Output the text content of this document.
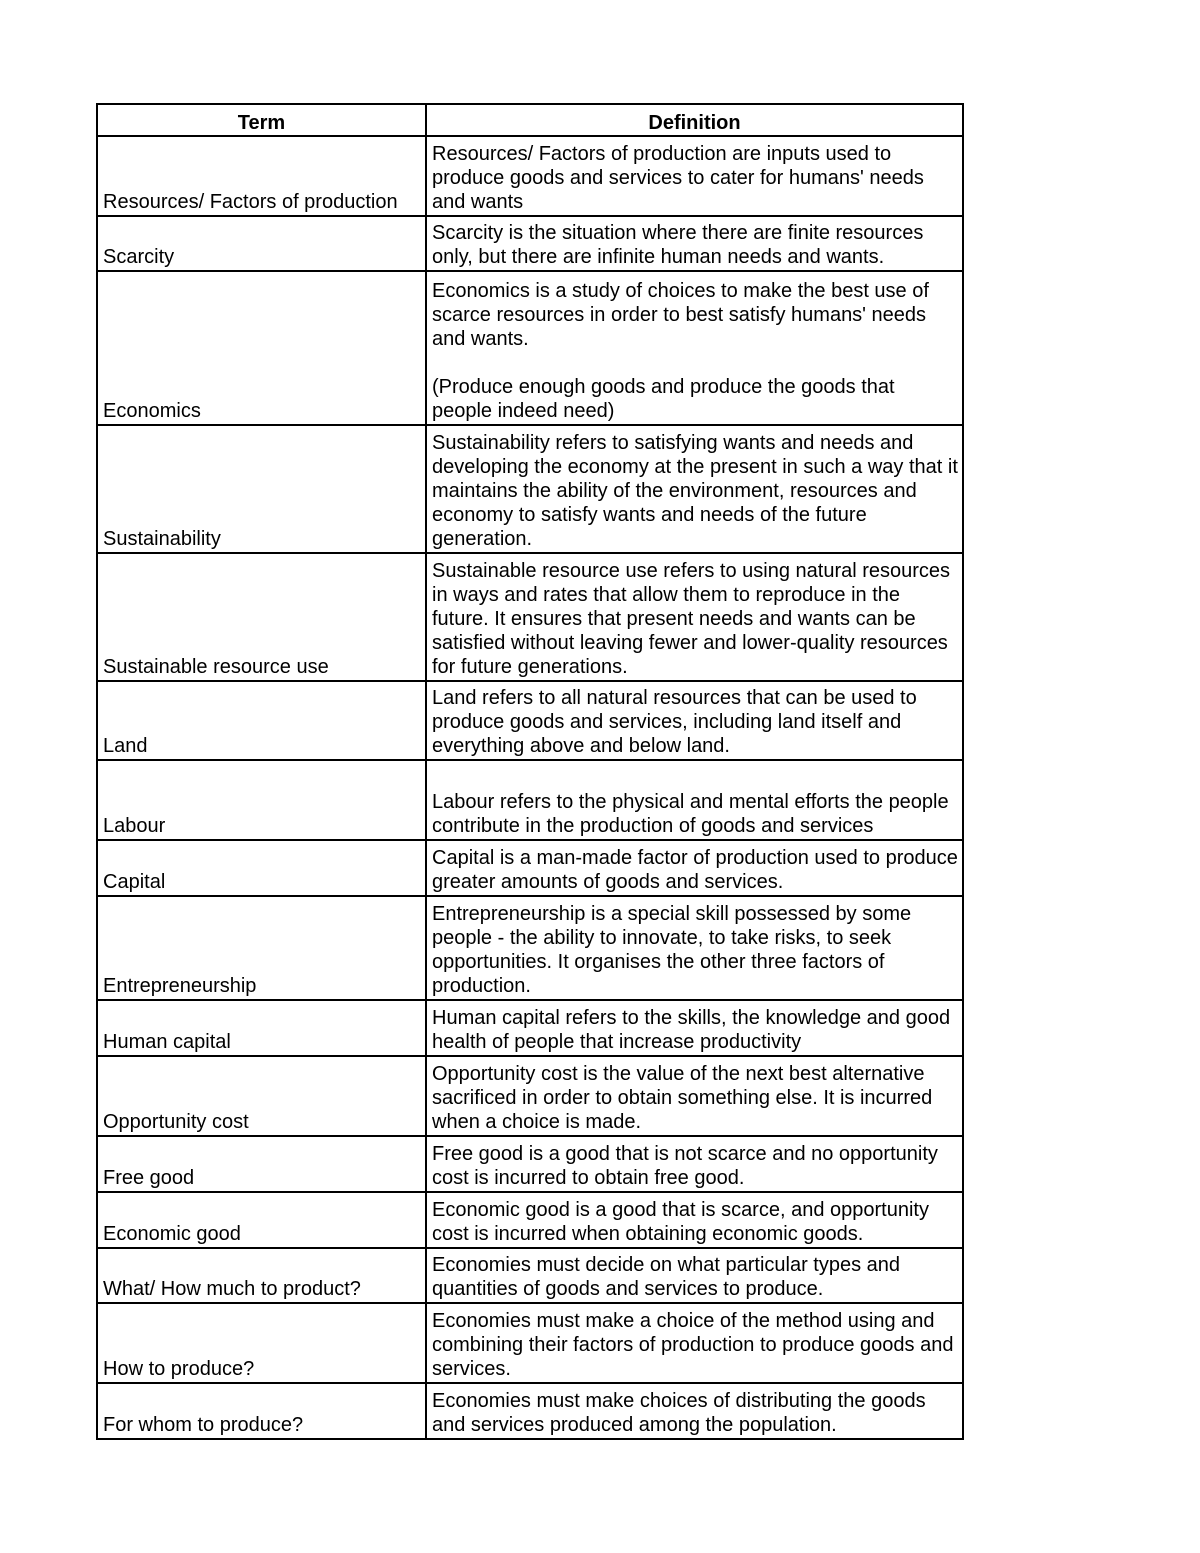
Term	Definition
Resources/ Factors of production	Resources/ Factors of production are inputs used to produce goods and services to cater for humans' needs and wants
Scarcity	Scarcity is the situation where there are finite resources only, but there are infinite human needs and wants.
Economics	Economics is a study of choices to make the best use of scarce resources in order to best satisfy humans' needs and wants.

(Produce enough goods and produce the goods that people indeed need)
Sustainability	Sustainability refers to satisfying wants and needs and developing the economy at the present in such a way that it maintains the ability of the environment, resources and economy to satisfy wants and needs of the future generation.
Sustainable resource use	Sustainable resource use refers to using natural resources in ways and rates that allow them to reproduce in the future. It ensures that present needs and wants can be satisfied without leaving fewer and lower-quality resources for future generations.
Land	Land refers to all natural resources that can be used to produce goods and services, including land itself and everything above and below land.
Labour	Labour refers to the physical and mental efforts the people contribute in the production of goods and services
Capital	Capital is a man-made factor of production used to produce greater amounts of goods and services.
Entrepreneurship	Entrepreneurship is a special skill possessed by some people - the ability to innovate, to take risks, to seek opportunities. It organises the other three factors of production.
Human capital	Human capital refers to the skills, the knowledge and good health of people that increase productivity
Opportunity cost	Opportunity cost is the value of the next best alternative sacrificed in order to obtain something else. It is incurred when a choice is made.
Free good	Free good is a good that is not scarce and no opportunity cost is incurred to obtain free good.
Economic good	Economic good is a good that is scarce, and opportunity cost is incurred when obtaining economic goods.
What/ How much to product?	Economies must decide on what particular types and quantities of goods and services to produce.
How to produce?	Economies must make a choice of the method using and combining their factors of production to produce goods and services.
For whom to produce?	Economies must make choices of distributing the goods and services produced among the population.
